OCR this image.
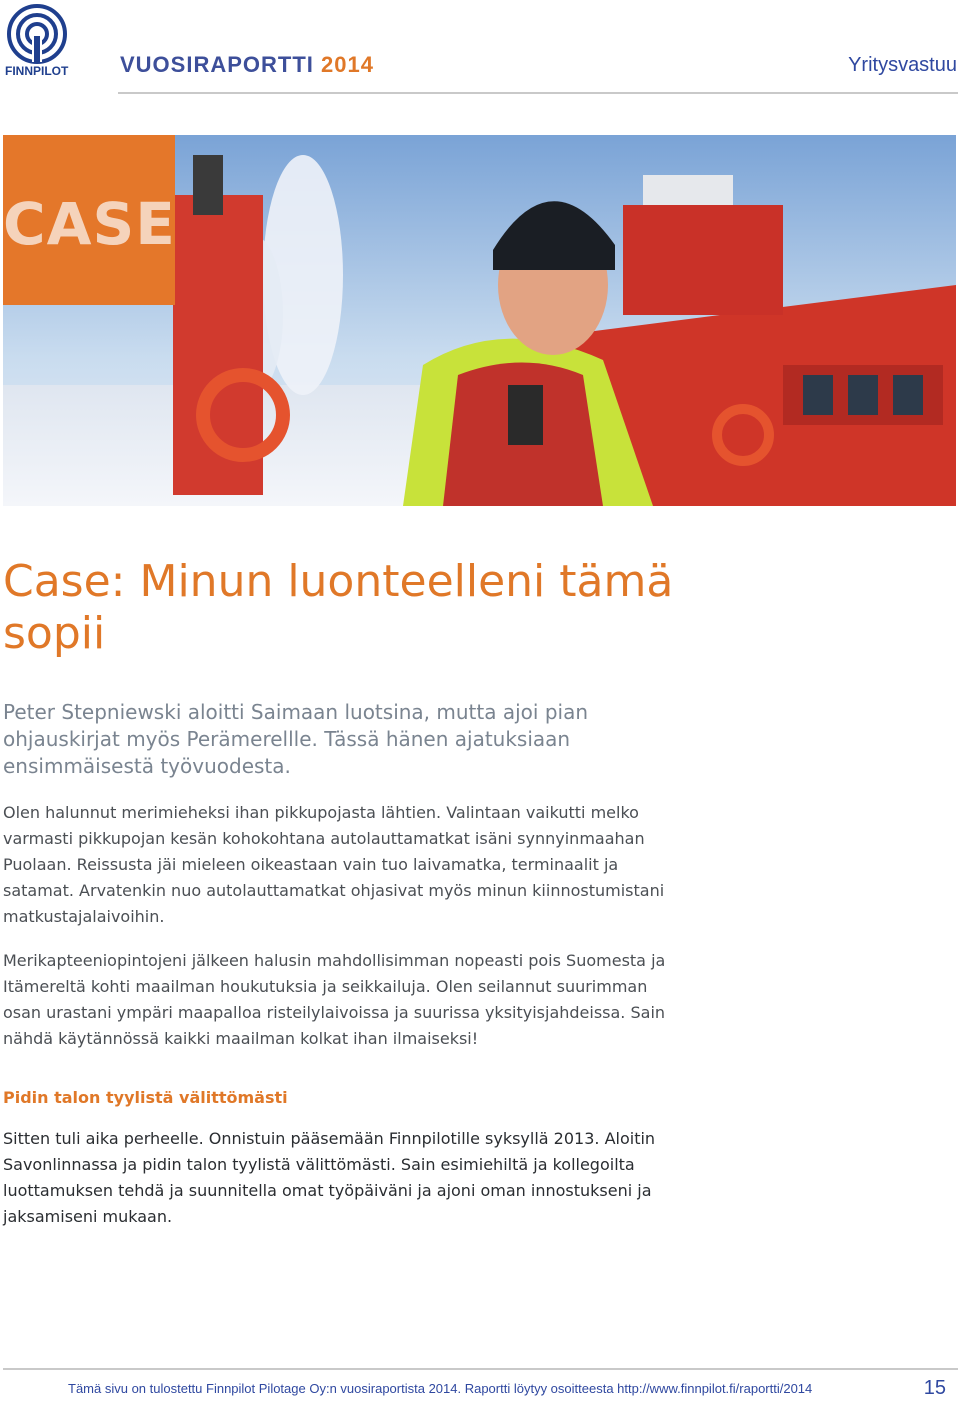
FINNPILOT VUOSIRAPORTTI 2014	Yritysvastuu
CASE
Case: Minun luonteelleni tämä sopii

Peter Stepniewski aloitti Saimaan luotsina, mutta ajoi pian ohjauskirjat myös Perämerellle. Tässä hänen ajatuksiaan ensimmäisestä työvuodesta.

Olen halunnut merimieheksi ihan pikkupojasta lähtien. Valintaan vaikutti melko varmasti pikkupojan kesän kohokohtana autolauttamatkat isäni synnyinmaahan Puolaan. Reissusta jäi mieleen oikeastaan vain tuo laivamatka, terminaalit ja satamat. Arvatenkin nuo autolauttamatkat ohjasivat myös minun kiinnostumistani matkustajalaivoihin.

Merikapteeniopintojeni jälkeen halusin mahdollisimman nopeasti pois Suomesta ja Itämereltä kohti maailman houkutuksia ja seikkailuja. Olen seilannut suurimman osan urastani ympäri maapalloa risteilylaivoissa ja suurissa yksityisjahdeissa. Sain nähdä käytännössä kaikki maailman kolkat ihan ilmaiseksi!

Pidin talon tyylistä välittömästi

Sitten tuli aika perheelle. Onnistuin pääsemään Finnpilotille syksyllä 2013. Aloitin Savonlinnassa ja pidin talon tyylistä välittömästi. Sain esimiehiltä ja kollegoilta luottamuksen tehdä ja suunnitella omat työpäiväni ja ajoni oman innostukseni ja jaksamiseni mukaan.

Tämä sivu on tulostettu Finnpilot Pilotage Oy:n vuosiraportista 2014. Raportti löytyy osoitteesta http://www.finnpilot.fi/raportti/2014	15
